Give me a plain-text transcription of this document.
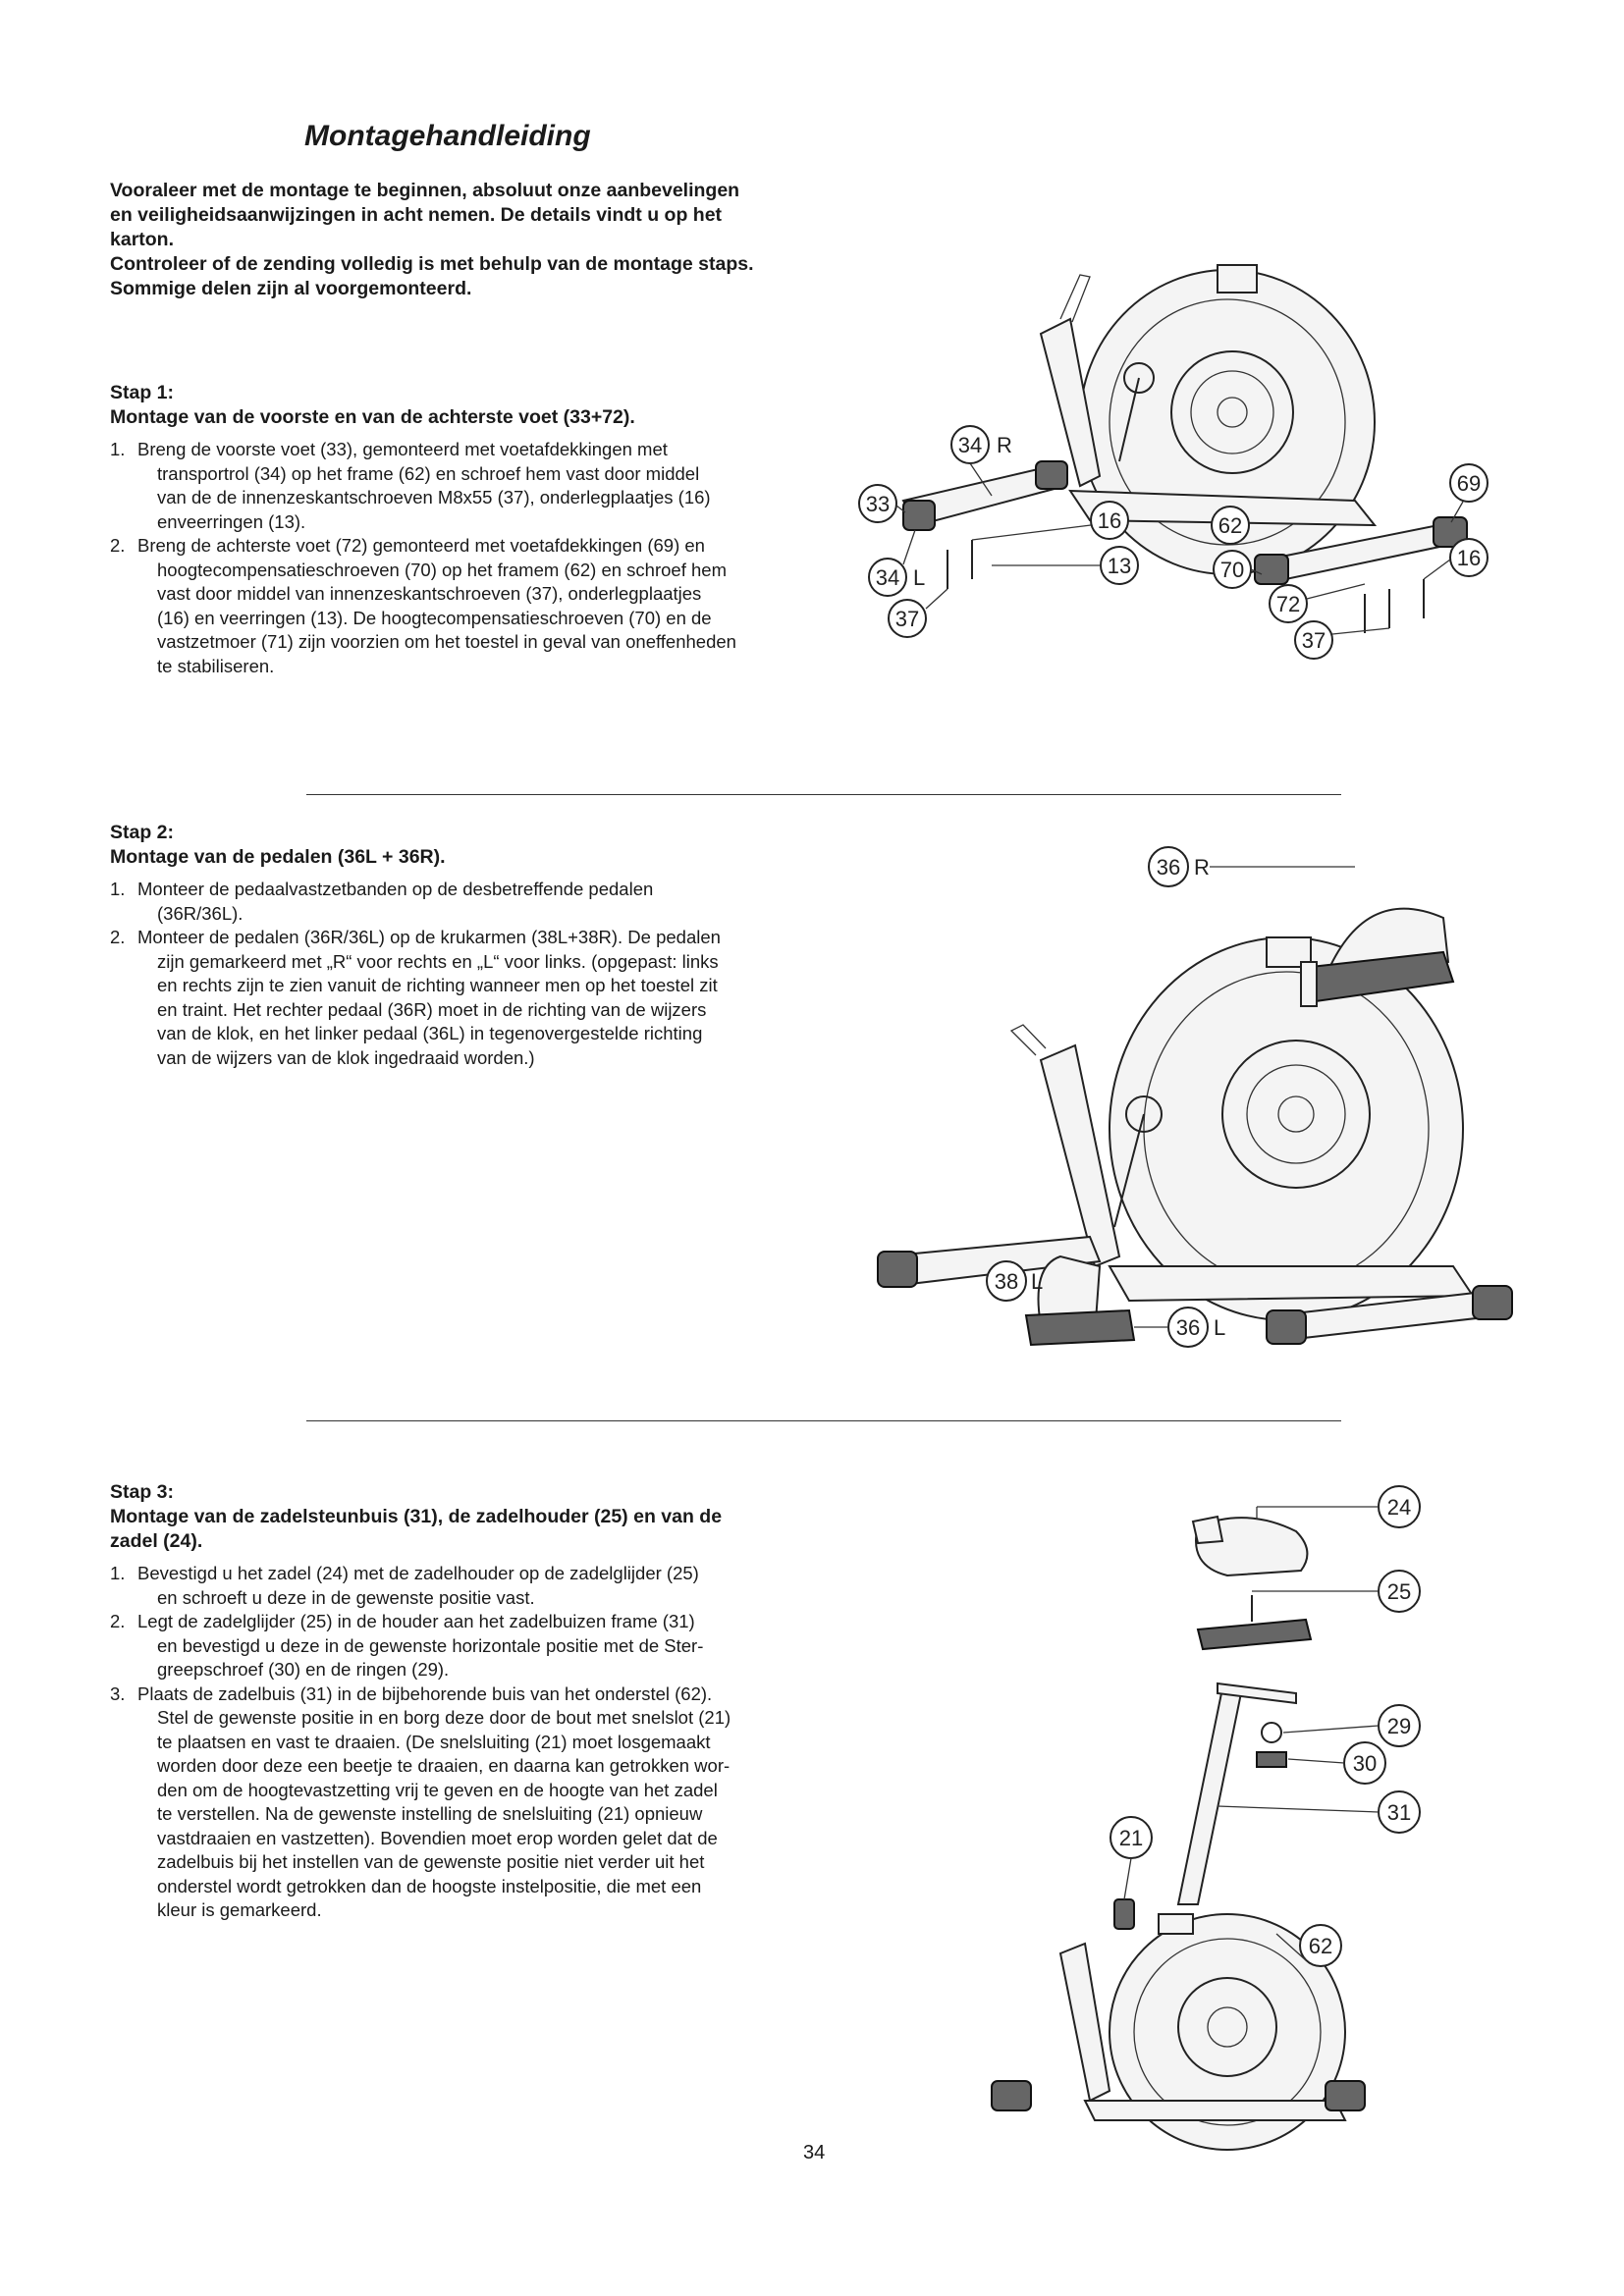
Montagehandleiding

Vooraleer met de montage te beginnen, absoluut onze aanbevelingen

en veiligheidsaanwijzingen in acht nemen. De details vindt u op het

karton.

Controleer of de zending volledig is met behulp van de montage staps.

Sommige delen zijn al voorgemonteerd.

Stap 1:
Montage van de voorste en van de achterste voet (33+72).
1. Breng de voorste voet (33), gemonteerd met voetafdekkingen met
transportrol (34) op het frame (62) en schroef hem vast door middel
van de de innenzeskantschroeven M8x55 (37), onderlegplaatjes (16)
enveerringen (13).
2. Breng de achterste voet (72) gemonteerd met voetafdekkingen (69) en
hoogtecompensatieschroeven (70) op het framem (62) en schroef hem
vast door middel van innenzeskantschroeven (37), onderlegplaatjes
(16) en veerringen (13). De hoogtecompensatieschroeven (70) en de
vastzetmoer (71) zijn voorzien om het toestel in geval van oneffenheden
te stabiliseren.
34 R
69
33
16	62
16
34 L	13	70
72
37
37
Stap 2:
Montage van de pedalen (36L + 36R).
1. Monteer de pedaalvastzetbanden op de desbetreffende pedalen
(36R/36L).
2. Monteer de pedalen (36R/36L) op de krukarmen (38L+38R). De pedalen
zijn gemarkeerd met „R“ voor rechts en „L“ voor links. (opgepast: links
en rechts zijn te zien vanuit de richting wanneer men op het toestel zit
en traint. Het rechter pedaal (36R) moet in de richting van de wijzers
van de klok, en het linker pedaal (36L) in tegenovergestelde richting
van de wijzers van de klok ingedraaid worden.)
36 R
38 L
36 L
Stap 3:
Montage van de zadelsteunbuis (31), de zadelhouder (25) en van de
zadel (24).
1. Bevestigd u het zadel (24) met de zadelhouder op de zadelglijder (25)
en schroeft u deze in de gewenste positie vast.
2. Legt de zadelglijder (25) in de houder aan het zadelbuizen frame (31)
en bevestigd u deze in de gewenste horizontale positie met de Ster-
greepschroef (30) en de ringen (29).
3. Plaats de zadelbuis (31) in de bijbehorende buis van het onderstel (62).
Stel de gewenste positie in en borg deze door de bout met snelslot (21)
te plaatsen en vast te draaien. (De snelsluiting (21) moet losgemaakt
worden door deze een beetje te draaien, en daarna kan getrokken wor-
den om de hoogtevastzetting vrij te geven en de hoogte van het zadel
te verstellen. Na de gewenste instelling de snelsluiting (21) opnieuw
vastdraaien en vastzetten). Bovendien moet erop worden gelet dat de
zadelbuis bij het instellen van de gewenste positie niet verder uit het
onderstel wordt getrokken dan de hoogste instelpositie, die met een
kleur is gemarkeerd.
24
25
29
30
31
21
62
34
